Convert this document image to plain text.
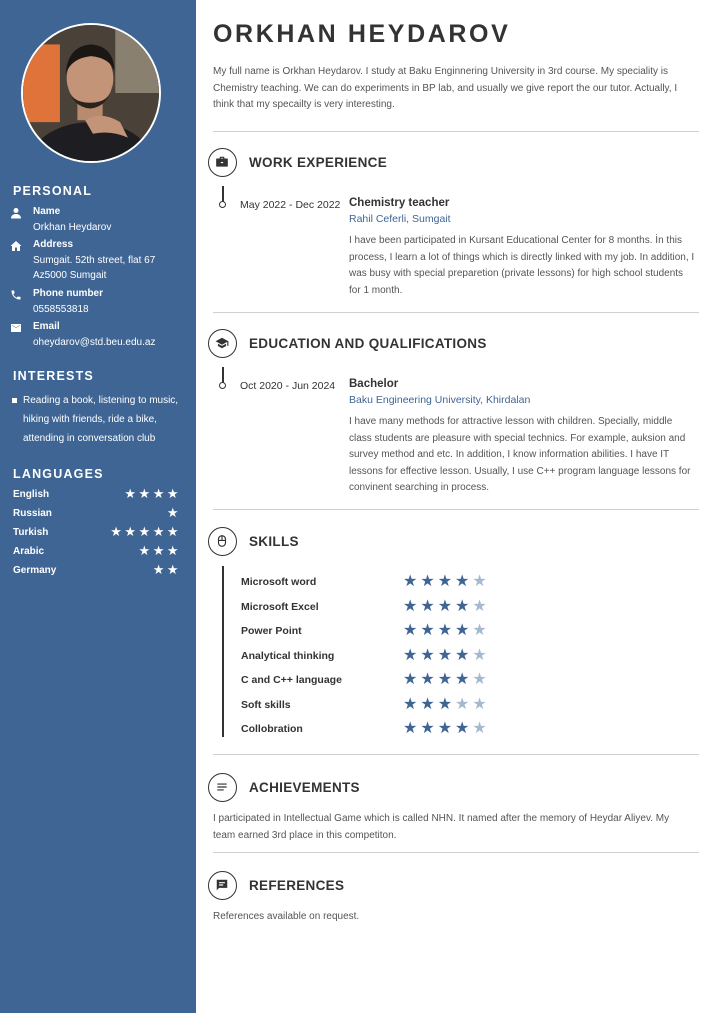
PERSONAL
Name
Orkhan Heydarov
Address
Sumgait. 52th street, flat 67
Az5000 Sumgait
Phone number
0558553818
Email
oheydarov@std.beu.edu.az
INTERESTS
Reading a book, listening to music, hiking with friends, ride a bike, attending in conversation club
LANGUAGES
English	★★★★
Russian	★
Turkish	★★★★★
Arabic	★★★
Germany	★★
ORKHAN HEYDAROV
My full name is Orkhan Heydarov. I study at Baku Enginnering University in 3rd course. My speciality is Chemistry teaching. We can do experiments in BP lab, and usually we give report the our tutor. Actually, I think that my specailty is very interesting.
WORK EXPERIENCE
May 2022 - Dec 2022 Chemistry teacher
Rahil Ceferli, Sumgait
I have been participated in Kursant Educational Center for 8 months. İn this process, I learn a lot of things which is directly linked with my job. In addition, I was busy with special preparetion (private lessons) for high school students for 1 month.
EDUCATION AND QUALIFICATIONS
Oct 2020 - Jun 2024 Bachelor
Baku Engineering University, Khirdalan
I have many methods for attractive lesson with children. Specially, middle class students are pleasure with special technics. For example, auksion and survey method and etc. In addition, I know information abilities. I have IT lessons for effective lesson. Usually, I use C++ program language lessons for convinent searching in process.
SKILLS
Microsoft word	★★★★★
Microsoft Excel	★★★★★
Power Point	★★★★★
Analytical thinking	★★★★★
C and C++ language	★★★★★
Soft skills	★★★★★
Collobration	★★★★★
ACHIEVEMENTS
I participated in Intellectual Game which is called NHN. It named after the memory of Heydar Aliyev. My team earned 3rd place in this competiton.
REFERENCES
References available on request.
